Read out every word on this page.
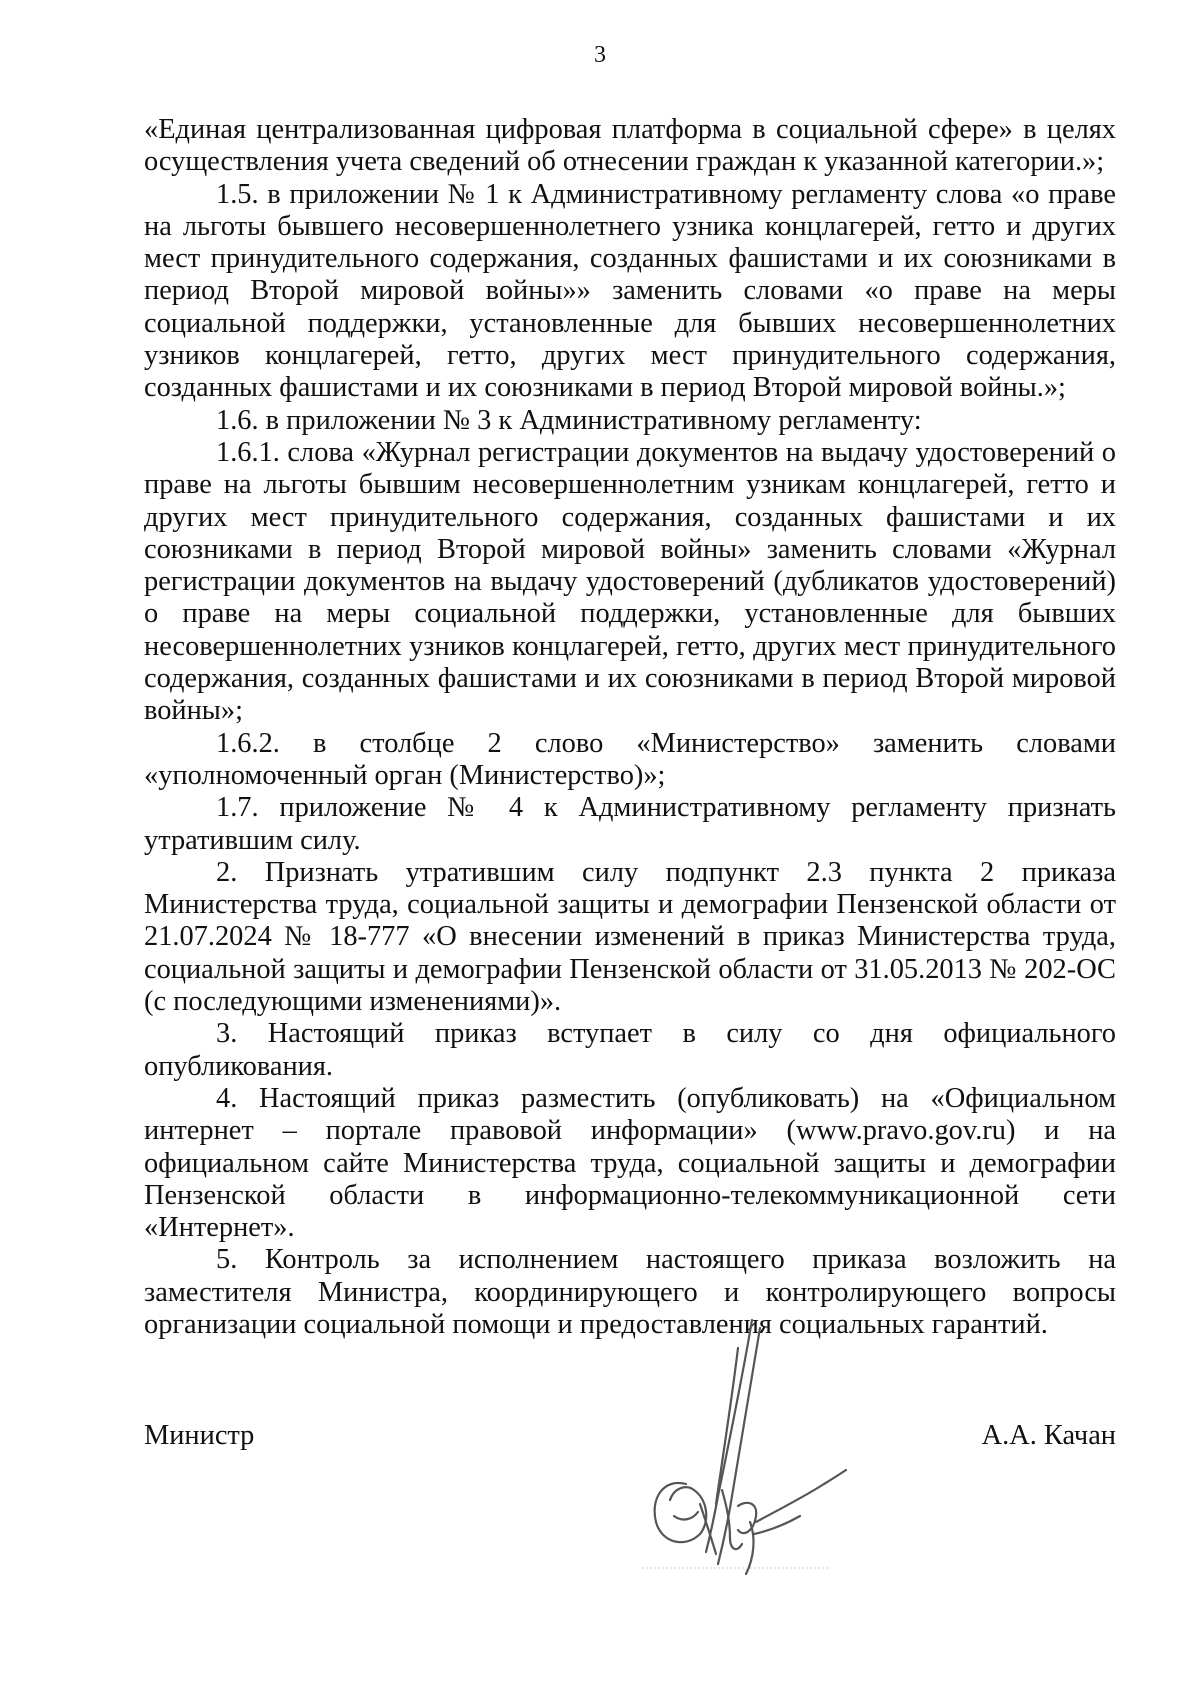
3

«Единая централизованная цифровая платформа в социальной сфере» в целях осуществления учета сведений об отнесении граждан к указанной категории.»;

1.5. в приложении № 1 к Административному регламенту слова «о праве на льготы бывшего несовершеннолетнего узника концлагерей, гетто и других мест принудительного содержания, созданных фашистами и их союзниками в период Второй мировой войны»» заменить словами «о праве на меры социальной поддержки, установленные для бывших несовершеннолетних узников концлагерей, гетто, других мест принудительного содержания, созданных фашистами и их союзниками в период Второй мировой войны.»;

1.6. в приложении № 3 к Административному регламенту:

1.6.1. слова «Журнал регистрации документов на выдачу удостоверений о праве на льготы бывшим несовершеннолетним узникам концлагерей, гетто и других мест принудительного содержания, созданных фашистами и их союзниками в период Второй мировой войны» заменить словами «Журнал регистрации документов на выдачу удостоверений (дубликатов удостоверений) о праве на меры социальной поддержки, установленные для бывших несовершеннолетних узников концлагерей, гетто, других мест принудительного содержания, созданных фашистами и их союзниками в период Второй мировой войны»;

1.6.2. в столбце 2 слово «Министерство» заменить словами «уполномоченный орган (Министерство)»;

1.7. приложение № 4 к Административному регламенту признать утратившим силу.

2. Признать утратившим силу подпункт 2.3 пункта 2 приказа Министерства труда, социальной защиты и демографии Пензенской области от 21.07.2024 № 18-777 «О внесении изменений в приказ Министерства труда, социальной защиты и демографии Пензенской области от 31.05.2013 № 202-ОС (с последующими изменениями)».

3. Настоящий приказ вступает в силу со дня официального опубликования.

4. Настоящий приказ разместить (опубликовать) на «Официальном интернет – портале правовой информации» (www.pravo.gov.ru) и на официальном сайте Министерства труда, социальной защиты и демографии Пензенской области в информационно-телекоммуникационной сети «Интернет».

5. Контроль за исполнением настоящего приказа возложить на заместителя Министра, координирующего и контролирующего вопросы организации социальной помощи и предоставления социальных гарантий.

Министр	А.А. Качан
